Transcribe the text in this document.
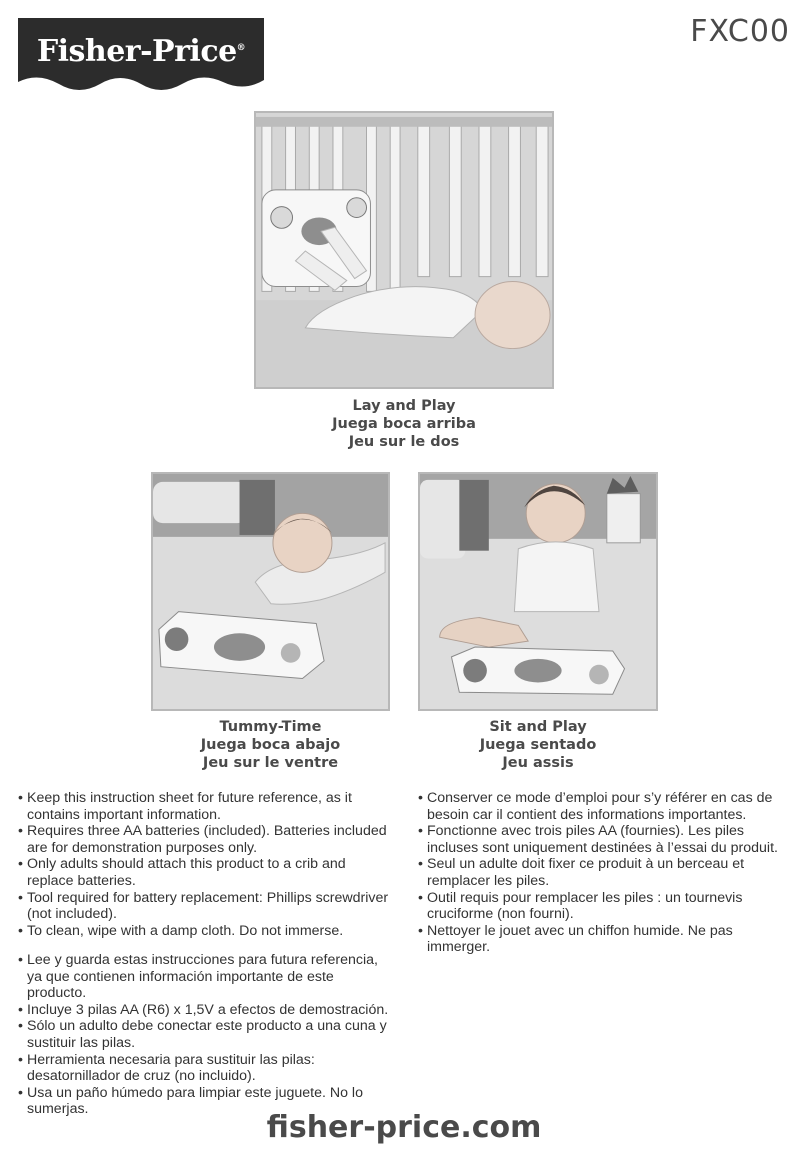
Fisher-Price®	FXC00
Lay and Play
Juega boca arriba
Jeu sur le dos
Tummy-Time
Juega boca abajo
Jeu sur le ventre
Sit and Play
Juega sentado
Jeu assis
• Keep this instruction sheet for future reference, as it contains important information.
• Requires three AA batteries (included). Batteries included are for demonstration purposes only.
• Only adults should attach this product to a crib and replace batteries.
• Tool required for battery replacement: Phillips screwdriver (not included).
• To clean, wipe with a damp cloth. Do not immerse.
• Lee y guarda estas instrucciones para futura referencia, ya que contienen información importante de este producto.
• Incluye 3 pilas AA (R6) x 1,5V a efectos de demostración.
• Sólo un adulto debe conectar este producto a una cuna y sustituir las pilas.
• Herramienta necesaria para sustituir las pilas: desatornillador de cruz (no incluido).
• Usa un paño húmedo para limpiar este juguete. No lo sumerjas.
• Conserver ce mode d’emploi pour s’y référer en cas de besoin car il contient des informations importantes.
• Fonctionne avec trois piles AA (fournies). Les piles incluses sont uniquement destinées à l’essai du produit.
• Seul un adulte doit fixer ce produit à un berceau et remplacer les piles.
• Outil requis pour remplacer les piles : un tournevis cruciforme (non fourni).
• Nettoyer le jouet avec un chiffon humide. Ne pas immerger.
fisher-price.com
